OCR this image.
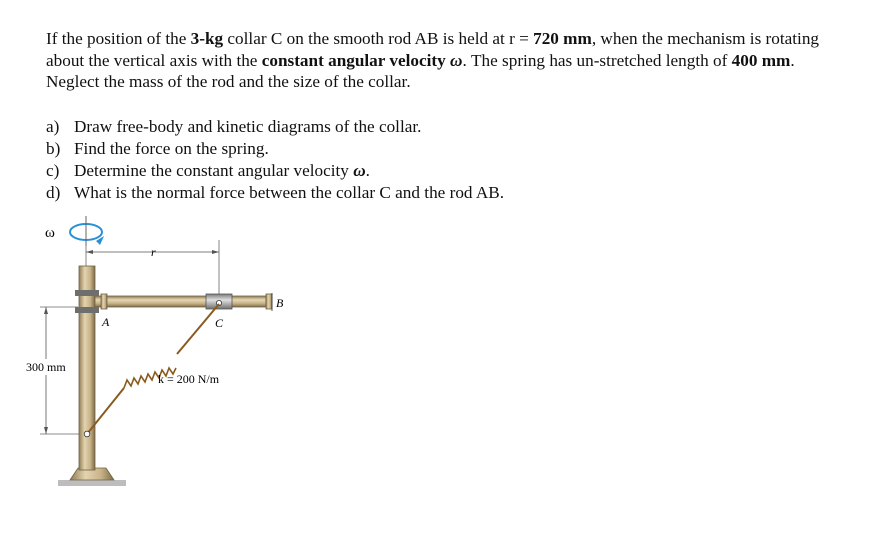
If the position of the 3-kg collar C on the smooth rod AB is held at r = 720 mm, when the mechanism is rotating about the vertical axis with the constant angular velocity ω. The spring has un-stretched length of 400 mm. Neglect the mass of the rod and the size of the collar.
a) Draw free-body and kinetic diagrams of the collar.
b) Find the force on the spring.
c) Determine the constant angular velocity
ω .
d) What is the normal force between the collar C and the rod AB.
ω
r
300 mm
A	C
B
k = 200 N/m
